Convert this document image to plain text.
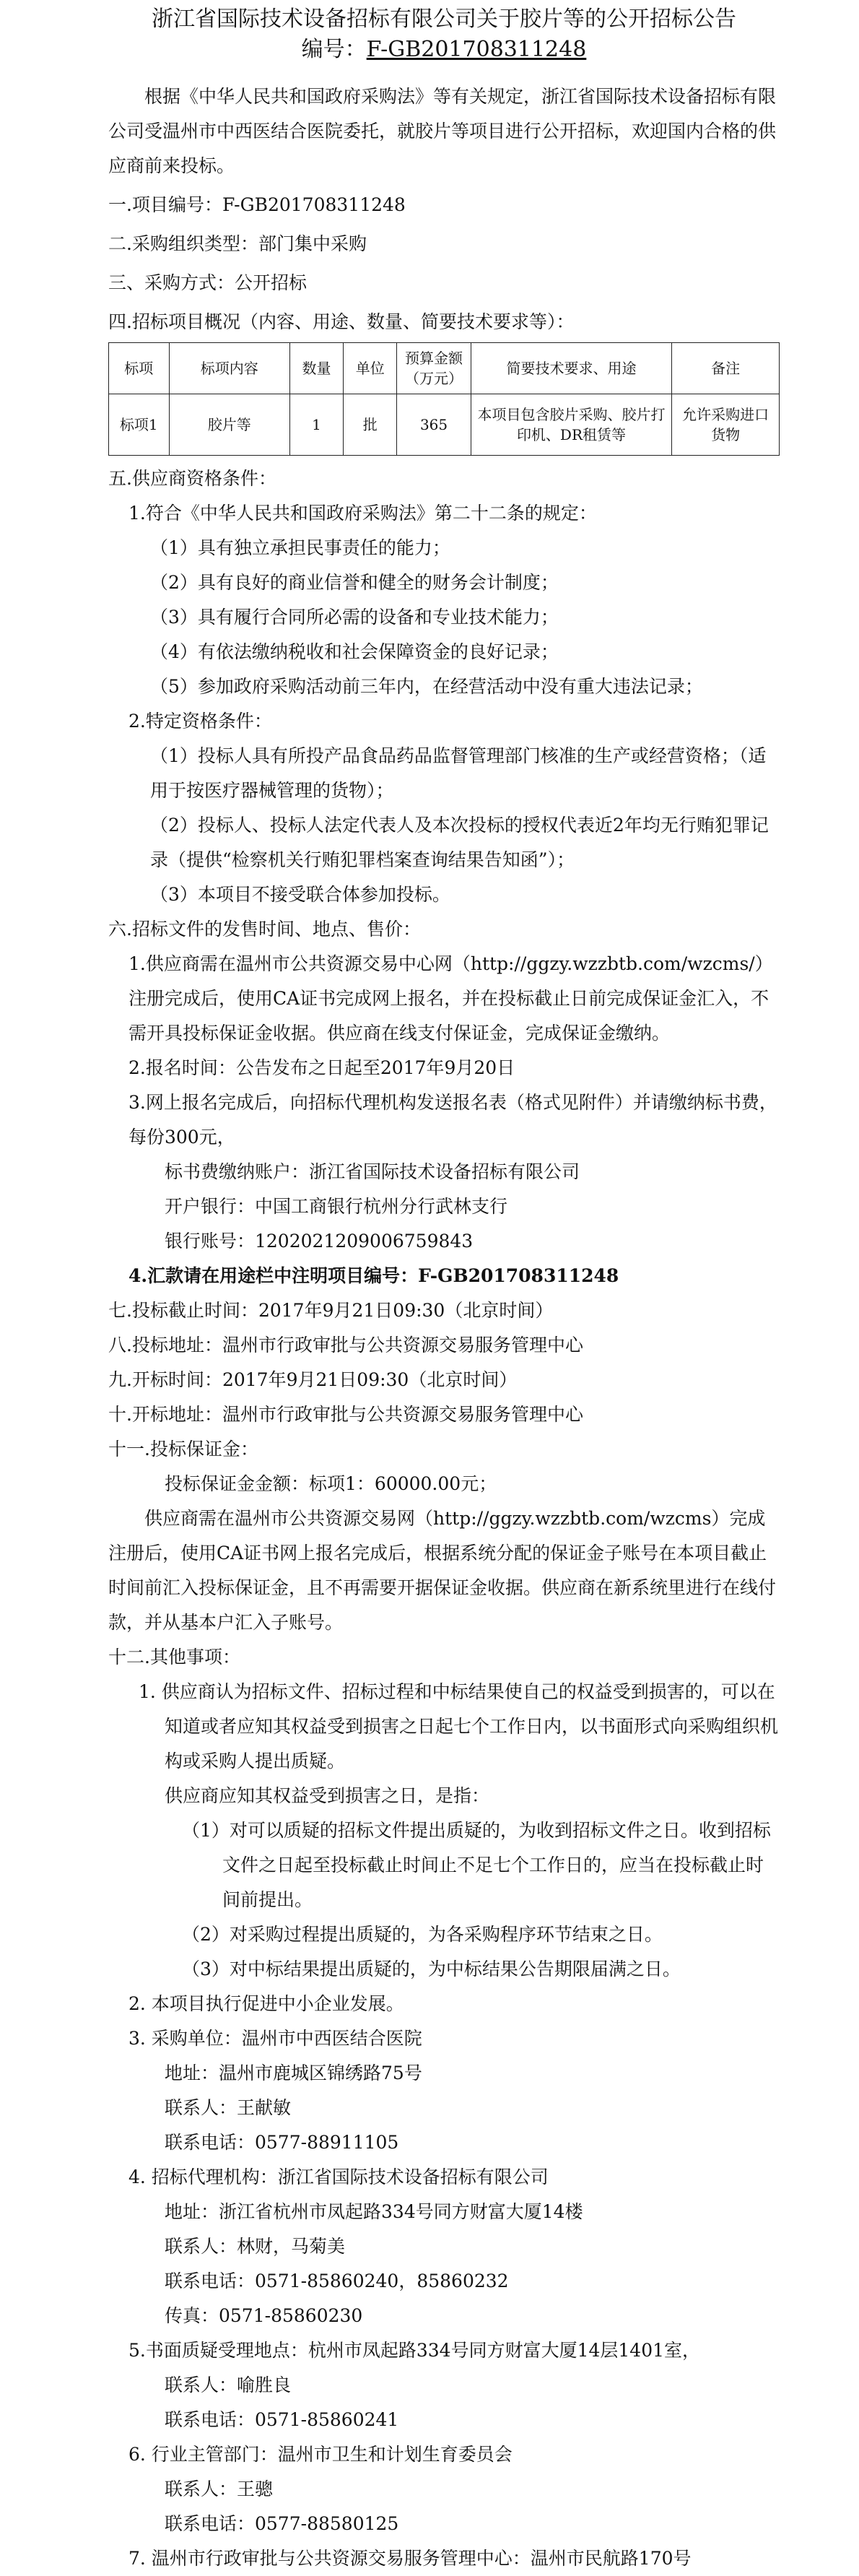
浙江省国际技术设备招标有限公司关于胶片等的公开招标公告
编号：F-GB201708311248

根据《中华人民共和国政府采购法》等有关规定，浙江省国际技术设备招标有限公司受温州市中西医结合医院委托，就胶片等项目进行公开招标，欢迎国内合格的供应商前来投标。

一.项目编号：F-GB201708311248

二.采购组织类型：部门集中采购

三、采购方式：公开招标

四.招标项目概况（内容、用途、数量、简要技术要求等）：

标项	标项内容	数量	单位	预算金额（万元）	简要技术要求、用途	备注
标项1	胶片等	1	批	365	本项目包含胶片采购、胶片打印机、DR租赁等	允许采购进口货物

五.供应商资格条件：

1.符合《中华人民共和国政府采购法》第二十二条的规定：

（1）具有独立承担民事责任的能力；

（2）具有良好的商业信誉和健全的财务会计制度；

（3）具有履行合同所必需的设备和专业技术能力；

（4）有依法缴纳税收和社会保障资金的良好记录；

（5）参加政府采购活动前三年内，在经营活动中没有重大违法记录；

2.特定资格条件：

（1）投标人具有所投产品食品药品监督管理部门核准的生产或经营资格；（适用于按医疗器械管理的货物）；

（2）投标人、投标人法定代表人及本次投标的授权代表近2年均无行贿犯罪记录（提供“检察机关行贿犯罪档案查询结果告知函”）；

（3）本项目不接受联合体参加投标。

六.招标文件的发售时间、地点、售价：

1.供应商需在温州市公共资源交易中心网（http://ggzy.wzzbtb.com/wzcms/）注册完成后，使用CA证书完成网上报名，并在投标截止日前完成保证金汇入，不需开具投标保证金收据。供应商在线支付保证金，完成保证金缴纳。

2.报名时间：公告发布之日起至2017年9月20日

3.网上报名完成后，向招标代理机构发送报名表（格式见附件）并请缴纳标书费，每份300元，

标书费缴纳账户：浙江省国际技术设备招标有限公司

开户银行：中国工商银行杭州分行武林支行

银行账号：1202021209006759843

4.汇款请在用途栏中注明项目编号：F-GB201708311248

七.投标截止时间：2017年9月21日09:30（北京时间）

八.投标地址：温州市行政审批与公共资源交易服务管理中心

九.开标时间：2017年9月21日09:30（北京时间）

十.开标地址：温州市行政审批与公共资源交易服务管理中心

十一.投标保证金：

投标保证金金额：标项1：60000.00元；

供应商需在温州市公共资源交易网（http://ggzy.wzzbtb.com/wzcms）完成注册后，使用CA证书网上报名完成后，根据系统分配的保证金子账号在本项目截止时间前汇入投标保证金，且不再需要开据保证金收据。供应商在新系统里进行在线付款，并从基本户汇入子账号。

十二.其他事项：

1. 供应商认为招标文件、招标过程和中标结果使自己的权益受到损害的，可以在知道或者应知其权益受到损害之日起七个工作日内，以书面形式向采购组织机构或采购人提出质疑。

供应商应知其权益受到损害之日，是指：

（1）对可以质疑的招标文件提出质疑的，为收到招标文件之日。收到招标文件之日起至投标截止时间止不足七个工作日的，应当在投标截止时间前提出。

（2）对采购过程提出质疑的，为各采购程序环节结束之日。

（3）对中标结果提出质疑的，为中标结果公告期限届满之日。

2. 本项目执行促进中小企业发展。

3. 采购单位：温州市中西医结合医院

地址：温州市鹿城区锦绣路75号

联系人：王献敏

联系电话：0577-88911105

4. 招标代理机构：浙江省国际技术设备招标有限公司

地址：浙江省杭州市凤起路334号同方财富大厦14楼

联系人：林财，马菊美

联系电话：0571-85860240，85860232

传真：0571-85860230

5.书面质疑受理地点：杭州市凤起路334号同方财富大厦14层1401室，

联系人：喻胜良

联系电话：0571-85860241

6. 行业主管部门：温州市卫生和计划生育委员会

联系人：王骢

联系电话：0577-88580125

7. 温州市行政审批与公共资源交易服务管理中心：温州市民航路170号
